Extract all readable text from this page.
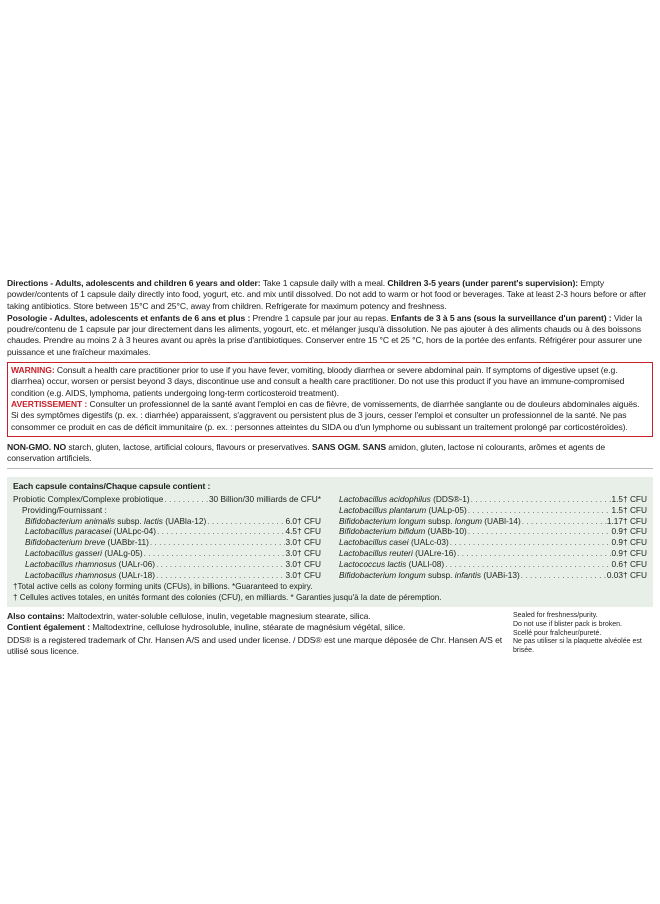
Directions - Adults, adolescents and children 6 years and older: Take 1 capsule daily with a meal. Children 3-5 years (under parent's supervision): Empty powder/contents of 1 capsule daily directly into food, yogurt, etc. and mix until dissolved. Do not add to warm or hot food or beverages. Take at least 2-3 hours before or after taking antibiotics. Store between 15°C and 25°C, away from children. Refrigerate for maximum potency and freshness.

Posologie - Adultes, adolescents et enfants de 6 ans et plus : Prendre 1 capsule par jour au repas. Enfants de 3 à 5 ans (sous la surveillance d'un parent) : Vider la poudre/contenu de 1 capsule par jour directement dans les aliments, yogourt, etc. et mélanger jusqu'à dissolution. Ne pas ajouter à des aliments chauds ou à des boissons chaudes. Prendre au moins 2 à 3 heures avant ou après la prise d'antibiotiques. Conserver entre 15 °C et 25 °C, hors de la portée des enfants. Réfrigérer pour assurer une puissance et une fraîcheur maximales.

WARNING: Consult a health care practitioner prior to use if you have fever, vomiting, bloody diarrhea or severe abdominal pain. If symptoms of digestive upset (e.g. diarrhea) occur, worsen or persist beyond 3 days, discontinue use and consult a health care practitioner. Do not use this product if you have an immune-compromised condition (e.g. AIDS, lymphoma, patients undergoing long-term corticosteroid treatment).

AVERTISSEMENT : Consulter un professionnel de la santé avant l'emploi en cas de fièvre, de vomissements, de diarrhée sanglante ou de douleurs abdominales aiguës. Si des symptômes digestifs (p. ex. : diarrhée) apparaissent, s'aggravent ou persistent plus de 3 jours, cesser l'emploi et consulter un professionnel de la santé. Ne pas consommer ce produit en cas de déficit immunitaire (p. ex. : personnes atteintes du SIDA ou d'un lymphome ou subissant un traitement prolongé par corticostéroïdes).

NON-GMO. NO starch, gluten, lactose, artificial colours, flavours or preservatives. SANS OGM. SANS amidon, gluten, lactose ni colourants, arômes et agents de conservation artificiels.

Each capsule contains/Chaque capsule contient :
Probiotic Complex/Complexe probiotique . . .	30 Billion/30 milliards de CFU*
Providing/Fournissant :
Bifidobacterium animalis subsp. lactis (UABla-12) . . .	6.0† CFU
Lactobacillus paracasei (UALpc-04) . . .	4.5† CFU
Bifidobacterium breve (UABbr-11) . . .	3.0† CFU
Lactobacillus gasseri (UALg-05) . . .	3.0† CFU
Lactobacillus rhamnosus (UALr-06) . . .	3.0† CFU
Lactobacillus rhamnosus (UALr-18) . . .	3.0† CFU
Lactobacillus acidophilus (DDS®-1) . . .	1.5† CFU
Lactobacillus plantarum (UALp-05) . . .	1.5† CFU
Bifidobacterium longum subsp. longum (UABl-14) . . .	1.17† CFU
Bifidobacterium bifidum (UABb-10) . . .	0.9† CFU
Lactobacillus casei (UALc-03) . . .	0.9† CFU
Lactobacillus reuteri (UALre-16) . . .	0.9† CFU
Lactococcus lactis (UALl-08) . . .	0.6† CFU
Bifidobacterium longum subsp. infantis (UABi-13) . . .	0.03† CFU
†Total active cells as colony forming units (CFUs), in billions. *Guaranteed to expiry.
† Cellules actives totales, en unités formant des colonies (CFU), en milliards. * Garanties jusqu'à la date de péremption.

Also contains: Maltodextrin, water-soluble cellulose, inulin, vegetable magnesium stearate, silica.

Contient également : Maltodextrine, cellulose hydrosoluble, inuline, stéarate de magnésium végétal, silice.

DDS® is a registered trademark of Chr. Hansen A/S and used under license. / DDS® est une marque déposée de Chr. Hansen A/S et utilisé sous licence.

Sealed for freshness/purity.
Do not use if blister pack is broken.
Scellé pour fraîcheur/pureté.
Ne pas utiliser si la plaquette alvéolée est brisée.
